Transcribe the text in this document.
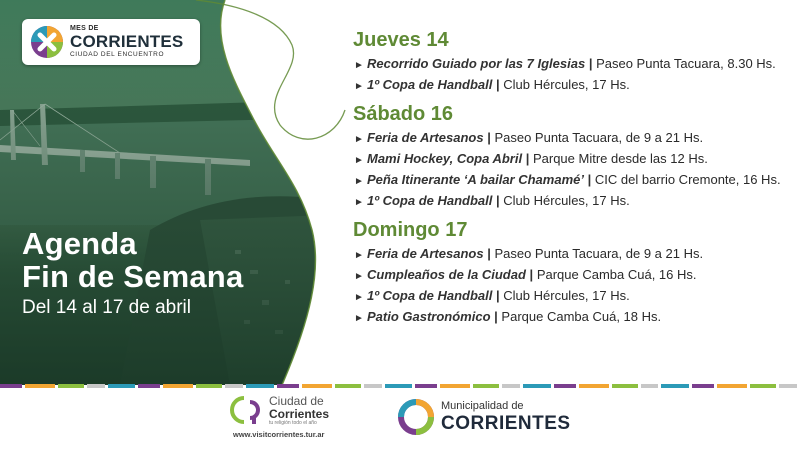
MES DE
CORRIENTES
CIUDAD DEL ENCUENTRO
Agenda
Fin de Semana
Del 14 al 17 de abril
Jueves 14
► Recorrido Guiado por las 7 Iglesias | Paseo Punta Tacuara, 8.30 Hs.
► 1º Copa de Handball | Club Hércules, 17 Hs.
Sábado 16
► Feria de Artesanos | Paseo Punta Tacuara, de 9 a 21 Hs.
► Mami Hockey, Copa Abril | Parque Mitre desde las 12 Hs.
► Peña Itinerante ‘A bailar Chamamé’ | CIC del barrio Cremonte, 16 Hs.
► 1º Copa de Handball | Club Hércules, 17 Hs.
Domingo 17
► Feria de Artesanos | Paseo Punta Tacuara, de 9 a 21 Hs.
► Cumpleaños de la Ciudad | Parque Camba Cuá, 16 Hs.
► 1º Copa de Handball | Club Hércules, 17 Hs.
► Patio Gastronómico | Parque Camba Cuá, 18 Hs.
Ciudad de
Corrientes
tu religión todo el año
www.visitcorrientes.tur.ar
Municipalidad de
CORRIENTES
